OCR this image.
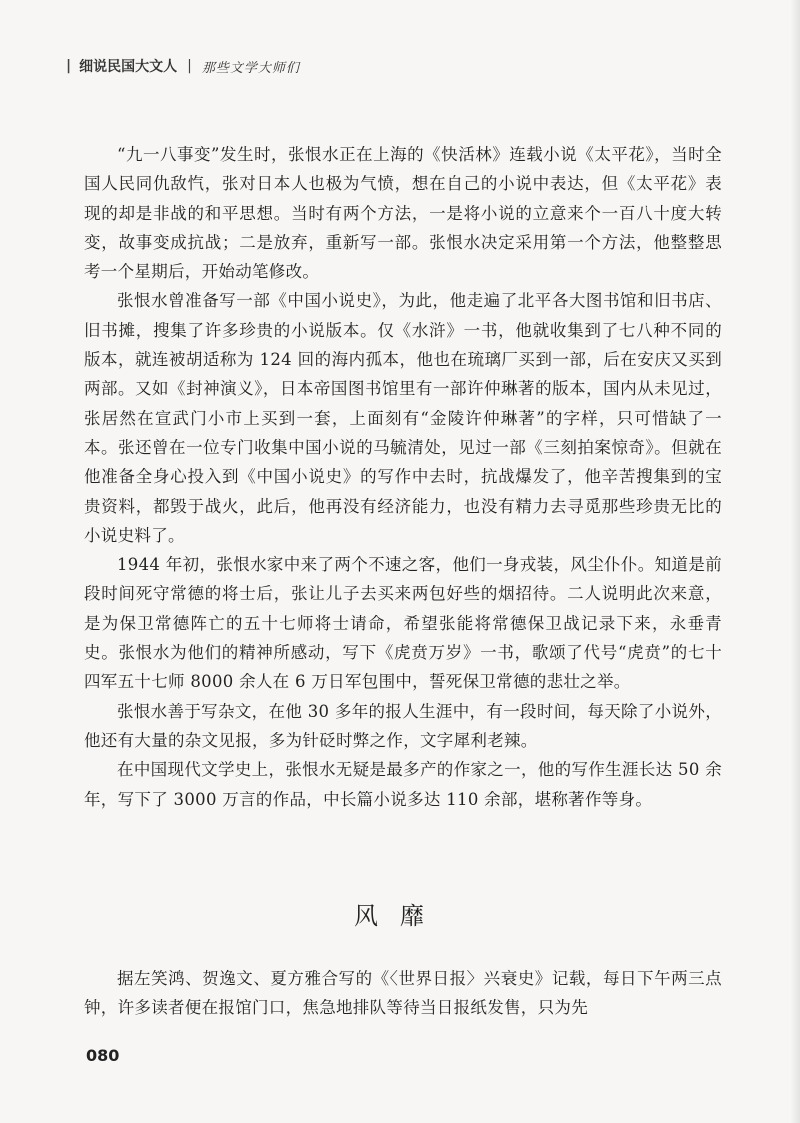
| 细说民国大文人 | 那些文学大师们

“九一八事变”发生时，张恨水正在上海的《快活林》连载小说《太平花》，当时全国人民同仇敌忾，张对日本人也极为气愤，想在自己的小说中表达，但《太平花》表现的却是非战的和平思想。当时有两个方法，一是将小说的立意来个一百八十度大转变，故事变成抗战；二是放弃，重新写一部。张恨水决定采用第一个方法，他整整思考一个星期后，开始动笔修改。

张恨水曾准备写一部《中国小说史》，为此，他走遍了北平各大图书馆和旧书店、旧书摊，搜集了许多珍贵的小说版本。仅《水浒》一书，他就收集到了七八种不同的版本，就连被胡适称为 124 回的海内孤本，他也在琉璃厂买到一部，后在安庆又买到两部。又如《封神演义》，日本帝国图书馆里有一部许仲琳著的版本，国内从未见过，张居然在宣武门小市上买到一套，上面刻有“金陵许仲琳著”的字样，只可惜缺了一本。张还曾在一位专门收集中国小说的马毓清处，见过一部《三刻拍案惊奇》。但就在他准备全身心投入到《中国小说史》的写作中去时，抗战爆发了，他辛苦搜集到的宝贵资料，都毁于战火，此后，他再没有经济能力，也没有精力去寻觅那些珍贵无比的小说史料了。

1944 年初，张恨水家中来了两个不速之客，他们一身戎装，风尘仆仆。知道是前段时间死守常德的将士后，张让儿子去买来两包好些的烟招待。二人说明此次来意，是为保卫常德阵亡的五十七师将士请命，希望张能将常德保卫战记录下来，永垂青史。张恨水为他们的精神所感动，写下《虎贲万岁》一书，歌颂了代号“虎贲”的七十四军五十七师 8000 余人在 6 万日军包围中，誓死保卫常德的悲壮之举。

张恨水善于写杂文，在他 30 多年的报人生涯中，有一段时间，每天除了小说外，他还有大量的杂文见报，多为针砭时弊之作，文字犀利老辣。

在中国现代文学史上，张恨水无疑是最多产的作家之一，他的写作生涯长达 50 余年，写下了 3000 万言的作品，中长篇小说多达 110 余部，堪称著作等身。

风靡

据左笑鸿、贺逸文、夏方雅合写的《〈世界日报〉兴衰史》记载，每日下午两三点钟，许多读者便在报馆门口，焦急地排队等待当日报纸发售，只为先

080
